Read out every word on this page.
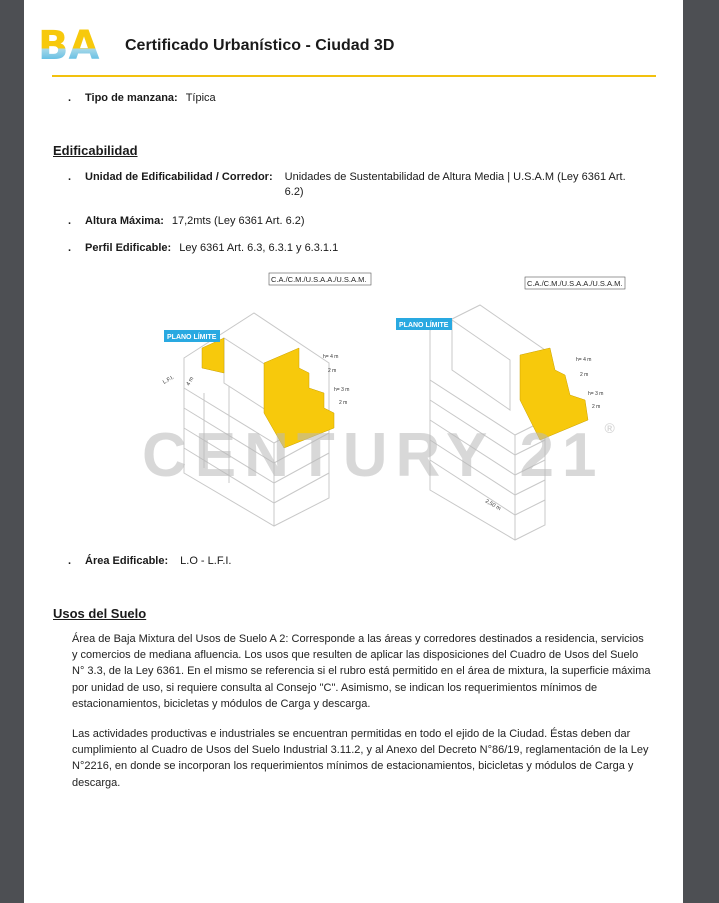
BA Certificado Urbanístico - Ciudad 3D
.	Tipo de manzana: Típica
Edificabilidad
.	Unidad de Edificabilidad / Corredor: Unidades de Sustentabilidad de Altura Media | U.S.A.M (Ley 6361 Art. 6.2)
.	Altura Máxima: 17,2mts (Ley 6361 Art. 6.2)
.	Perfil Edificable: Ley 6361 Art. 6.3, 6.3.1 y 6.3.1.1
C.A./C.M./U.S.A.A./U.S.A.M.
PLANO LÍMITE
L.F.I. 4 m
h= 4 m
2 m
h= 3 m
2 m
C.A./C.M./U.S.A.A./U.S.A.M.
PLANO LÍMITE
h= 4 m
2 m
h= 3 m
2 m
2,50 m
CENTURY 21®
.	Área Edificable: L.O - L.F.I.
Usos del Suelo
Área de Baja Mixtura del Usos de Suelo A 2: Corresponde a las áreas y corredores destinados a residencia, servicios y comercios de mediana afluencia. Los usos que resulten de aplicar las disposiciones del Cuadro de Usos del Suelo N° 3.3, de la Ley 6361. En el mismo se referencia si el rubro está permitido en el área de mixtura, la superficie máxima por unidad de uso, si requiere consulta al Consejo "C". Asimismo, se indican los requerimientos mínimos de estacionamientos, bicicletas y módulos de Carga y descarga.
Las actividades productivas e industriales se encuentran permitidas en todo el ejido de la Ciudad. Éstas deben dar cumplimiento al Cuadro de Usos del Suelo Industrial 3.11.2, y al Anexo del Decreto N°86/19, reglamentación de la Ley N°2216, en donde se incorporan los requerimientos mínimos de estacionamientos, bicicletas y módulos de Carga y descarga.
